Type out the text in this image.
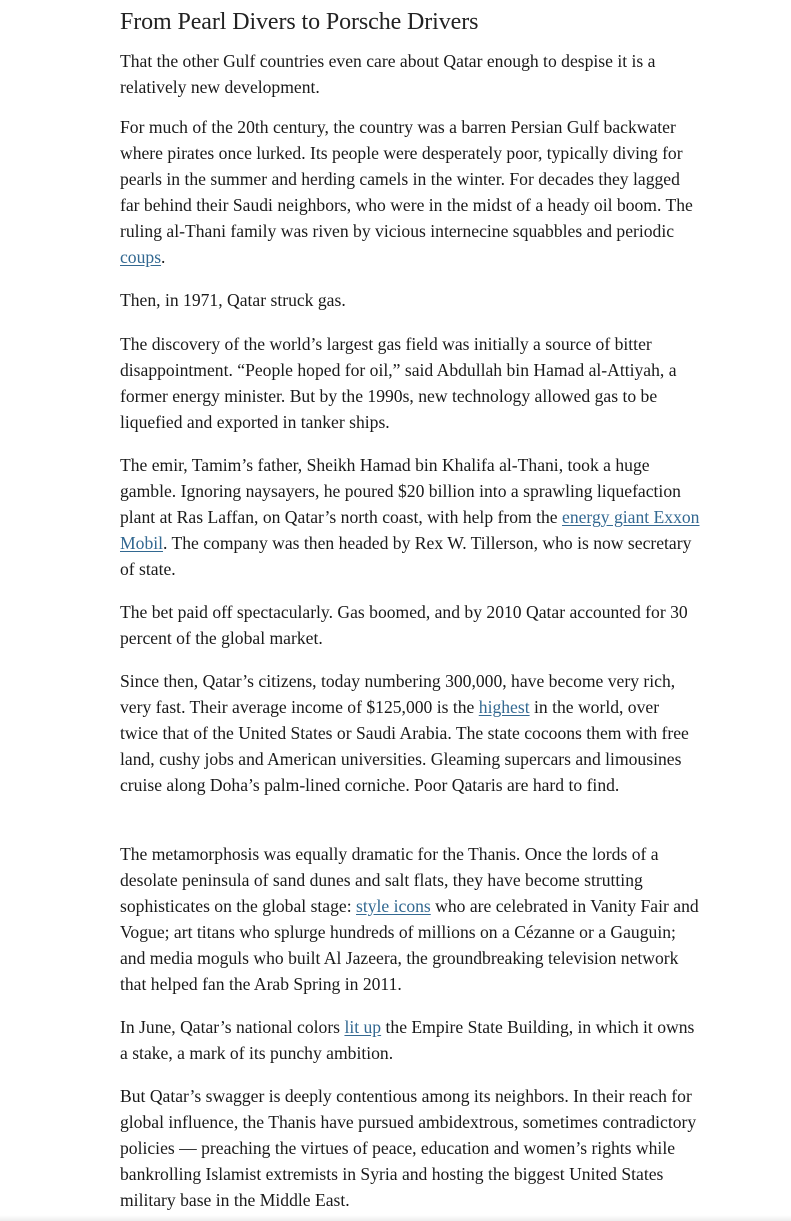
From Pearl Divers to Porsche Drivers

That the other Gulf countries even care about Qatar enough to despise it is a relatively new development.

For much of the 20th century, the country was a barren Persian Gulf backwater where pirates once lurked. Its people were desperately poor, typically diving for pearls in the summer and herding camels in the winter. For decades they lagged far behind their Saudi neighbors, who were in the midst of a heady oil boom. The ruling al-Thani family was riven by vicious internecine squabbles and periodic coups.

Then, in 1971, Qatar struck gas.

The discovery of the world’s largest gas field was initially a source of bitter disappointment. “People hoped for oil,” said Abdullah bin Hamad al-Attiyah, a former energy minister. But by the 1990s, new technology allowed gas to be liquefied and exported in tanker ships.

The emir, Tamim’s father, Sheikh Hamad bin Khalifa al-Thani, took a huge gamble. Ignoring naysayers, he poured $20 billion into a sprawling liquefaction plant at Ras Laffan, on Qatar’s north coast, with help from the energy giant Exxon Mobil. The company was then headed by Rex W. Tillerson, who is now secretary of state.

The bet paid off spectacularly. Gas boomed, and by 2010 Qatar accounted for 30 percent of the global market.

Since then, Qatar’s citizens, today numbering 300,000, have become very rich, very fast. Their average income of $125,000 is the highest in the world, over twice that of the United States or Saudi Arabia. The state cocoons them with free land, cushy jobs and American universities. Gleaming supercars and limousines cruise along Doha’s palm-lined corniche. Poor Qataris are hard to find.

The metamorphosis was equally dramatic for the Thanis. Once the lords of a desolate peninsula of sand dunes and salt flats, they have become strutting sophisticates on the global stage: style icons who are celebrated in Vanity Fair and Vogue; art titans who splurge hundreds of millions on a Cézanne or a Gauguin; and media moguls who built Al Jazeera, the groundbreaking television network that helped fan the Arab Spring in 2011.

In June, Qatar’s national colors lit up the Empire State Building, in which it owns a stake, a mark of its punchy ambition.

But Qatar’s swagger is deeply contentious among its neighbors. In their reach for global influence, the Thanis have pursued ambidextrous, sometimes contradictory policies — preaching the virtues of peace, education and women’s rights while bankrolling Islamist extremists in Syria and hosting the biggest United States military base in the Middle East.
